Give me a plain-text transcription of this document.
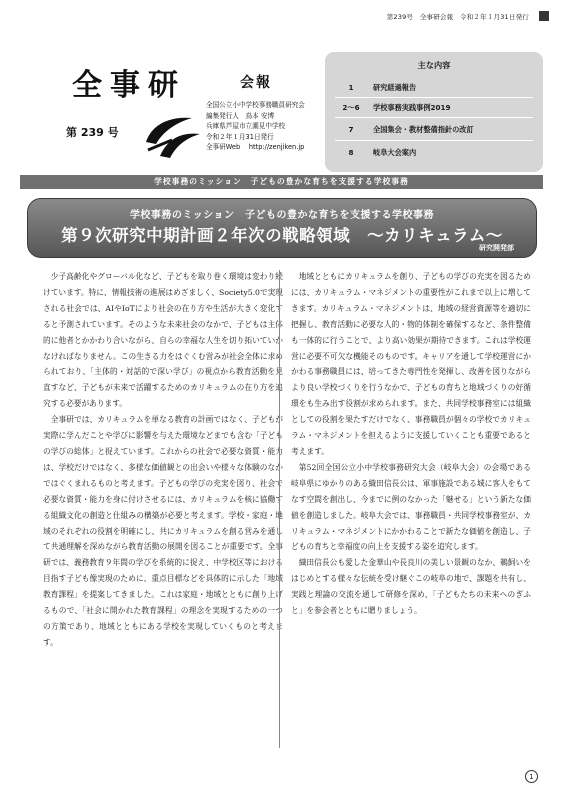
第239号　全事研会報　令和２年１月31日発行
全事研	会報
第 239 号
全国公立小中学校事務職員研究会
編集発行人　鳥本 安博
兵庫県芦屋市立潮見中学校
令和２年１月31日発行
全事研Web　 http://zenjiken.jp
主な内容
1	研究経過報告
2～6	学校事務実践事例2019
7	全国集会・教材整備指針の改訂
8	岐阜大会案内
学校事務のミッション　子どもの豊かな育ちを支援する学校事務
学校事務のミッション　子どもの豊かな育ちを支援する学校事務
第９次研究中期計画２年次の戦略領域　～カリキュラム～
研究開発部

少子高齢化やグローバル化など、子どもを取り巻く環境は変わり続けています。特に、情報技術の進展はめざましく、Society5.0で実現される社会では、AIやIoTにより社会の在り方や生活が大きく変化すると予測されています。そのような未来社会のなかで、子どもは主体的に他者とかかわり合いながら、自らの幸福な人生を切り拓いていかなければなりません。この生きる力をはぐくむ営みが社会全体に求められており、「主体的・対話的で深い学び」の視点から教育活動を見直すなど、子どもが未来で活躍するためのカリキュラムの在り方を追究する必要があります。

全事研では、カリキュラムを単なる教育の計画ではなく、子どもが実際に学んだことや学びに影響を与えた環境などまでも含む「子どもの学びの総体」と捉えています。これからの社会で必要な資質・能力は、学校だけではなく、多様な価値観との出会いや様々な体験のなかではぐくまれるものと考えます。子どもの学びの充実を図り、社会で必要な資質・能力を身に付けさせるには、カリキュラムを核に協働する組織文化の創造と仕組みの構築が必要と考えます。学校・家庭・地域のそれぞれの役割を明確にし、共にカリキュラムを創る営みを通して共通理解を深めながら教育活動の展開を図ることが重要です。全事研では、義務教育９年間の学びを系統的に捉え、中学校区等における目指す子ども像実現のために、重点目標などを具体的に示した「地域教育課程」を提案してきました。これは家庭・地域とともに創り上げるもので、「社会に開かれた教育課程」の理念を実現するための一つの方策であり、地域とともにある学校を実現していくものと考えます。

地域とともにカリキュラムを創り、子どもの学びの充実を図るためには、カリキュラム・マネジメントの重要性がこれまで以上に増してきます。カリキュラム・マネジメントは、地域の経営資源等を適切に把握し、教育活動に必要な人的・物的体制を確保するなど、条件整備も一体的に行うことで、より高い効果が期待できます。これは学校運営に必要不可欠な機能そのものです。キャリアを通して学校運営にかかわる事務職員には、培ってきた専門性を発揮し、改善を図りながらより良い学校づくりを行うなかで、子どもの育ちと地域づくりの好循環をも生み出す役割が求められます。また、共同学校事務室には組織としての役割を果たすだけでなく、事務職員が個々の学校でカリキュラム・マネジメントを担えるように支援していくことも重要であると考えます。

第52回全国公立小中学校事務研究大会（岐阜大会）の会場である岐阜県にゆかりのある織田信長公は、軍事施設である城に客人をもてなす空間を創出し、今までに例のなかった「魅せる」という新たな価値を創造しました。岐阜大会では、事務職員・共同学校事務室が、カリキュラム・マネジメントにかかわることで新たな価値を創造し、子どもの育ちと幸福度の向上を支援する姿を追究します。

織田信長公も愛した金華山や長良川の美しい景観のなか、鵜飼いをはじめとする様々な伝統を受け継ぐこの岐阜の地で、課題を共有し、実践と理論の交流を通して研修を深め、「子どもたちの未来へのぎふと」を参会者とともに贈りましょう。

1
